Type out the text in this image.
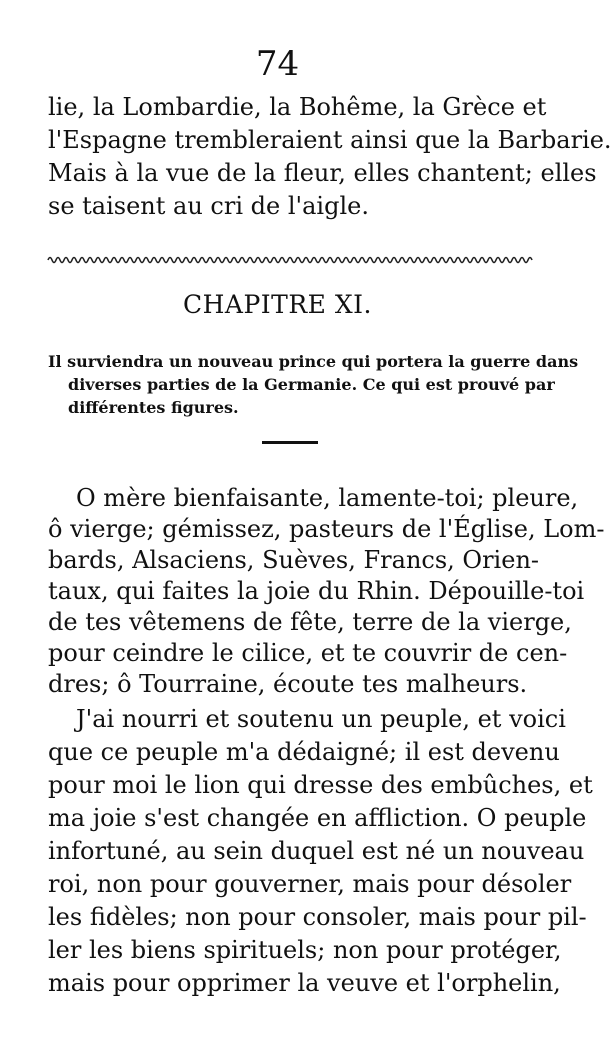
74
lie, la Lombardie, la Bohême, la Grèce et
l'Espagne trembleraient ainsi que la Barbarie.
Mais à la vue de la fleur, elles chantent; elles
se taisent au cri de l'aigle.
CHAPITRE XI.
Il surviendra un nouveau prince qui portera la guerre dans
diverses parties de la Germanie. Ce qui est prouvé par
différentes figures.
O mère bienfaisante, lamente-toi; pleure,
ô vierge; gémissez, pasteurs de l'Église, Lom-
bards, Alsaciens, Suèves, Francs, Orien-
taux, qui faites la joie du Rhin. Dépouille-toi
de tes vêtemens de fête, terre de la vierge,
pour ceindre le cilice, et te couvrir de cen-
dres; ô Tourraine, écoute tes malheurs.
J'ai nourri et soutenu un peuple, et voici
que ce peuple m'a dédaigné; il est devenu
pour moi le lion qui dresse des embûches, et
ma joie s'est changée en affliction. O peuple
infortuné, au sein duquel est né un nouveau
roi, non pour gouverner, mais pour désoler
les fidèles; non pour consoler, mais pour pil-
ler les biens spirituels; non pour protéger,
mais pour opprimer la veuve et l'orphelin,
